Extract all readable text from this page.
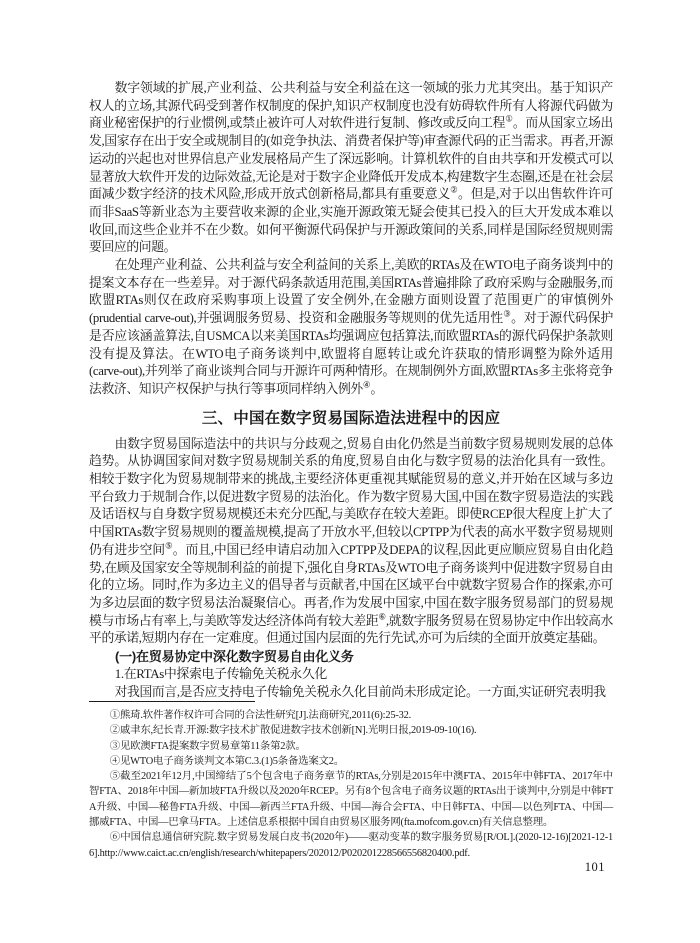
数字领域的扩展,产业利益、公共利益与安全利益在这一领域的张力尤其突出。基于知识产权人的立场,其源代码受到著作权制度的保护,知识产权制度也没有妨碍软件所有人将源代码做为商业秘密保护的行业惯例,或禁止被许可人对软件进行复制、修改或反向工程①。而从国家立场出发,国家存在出于安全或规制目的(如竞争执法、消费者保护等)审查源代码的正当需求。再者,开源运动的兴起也对世界信息产业发展格局产生了深远影响。计算机软件的自由共享和开发模式可以显著放大软件开发的边际效益,无论是对于数字企业降低开发成本,构建数字生态圈,还是在社会层面减少数字经济的技术风险,形成开放式创新格局,都具有重要意义②。但是,对于以出售软件许可而非SaaS等新业态为主要营收来源的企业,实施开源政策无疑会使其已投入的巨大开发成本难以收回,而这些企业并不在少数。如何平衡源代码保护与开源政策间的关系,同样是国际经贸规则需要回应的问题。

在处理产业利益、公共利益与安全利益间的关系上,美欧的RTAs及在WTO电子商务谈判中的提案文本存在一些差异。对于源代码条款适用范围,美国RTAs普遍排除了政府采购与金融服务,而欧盟RTAs则仅在政府采购事项上设置了安全例外,在金融方面则设置了范围更广的审慎例外(prudential carve-out),并强调服务贸易、投资和金融服务等规则的优先适用性③。对于源代码保护是否应该涵盖算法,自USMCA以来美国RTAs均强调应包括算法,而欧盟RTAs的源代码保护条款则没有提及算法。在WTO电子商务谈判中,欧盟将自愿转让或允许获取的情形调整为除外适用(carve-out),并列举了商业谈判合同与开源许可两种情形。在规制例外方面,欧盟RTAs多主张将竞争法救济、知识产权保护与执行等事项同样纳入例外④。

三、中国在数字贸易国际造法进程中的因应

由数字贸易国际造法中的共识与分歧观之,贸易自由化仍然是当前数字贸易规则发展的总体趋势。从协调国家间对数字贸易规制关系的角度,贸易自由化与数字贸易的法治化具有一致性。相较于数字化为贸易规制带来的挑战,主要经济体更重视其赋能贸易的意义,并开始在区域与多边平台致力于规制合作,以促进数字贸易的法治化。作为数字贸易大国,中国在数字贸易造法的实践及话语权与自身数字贸易规模还未充分匹配,与美欧存在较大差距。即使RCEP很大程度上扩大了中国RTAs数字贸易规则的覆盖规模,提高了开放水平,但较以CPTPP为代表的高水平数字贸易规则仍有进步空间⑤。而且,中国已经申请启动加入CPTPP及DEPA的议程,因此更应顺应贸易自由化趋势,在顾及国家安全等规制利益的前提下,强化自身RTAs及WTO电子商务谈判中促进数字贸易自由化的立场。同时,作为多边主义的倡导者与贡献者,中国在区域平台中就数字贸易合作的探索,亦可为多边层面的数字贸易法治凝聚信心。再者,作为发展中国家,中国在数字服务贸易部门的贸易规模与市场占有率上,与美欧等发达经济体尚有较大差距⑥,就数字服务贸易在贸易协定中作出较高水平的承诺,短期内存在一定难度。但通过国内层面的先行先试,亦可为后续的全面开放奠定基础。

(一)在贸易协定中深化数字贸易自由化义务

1.在RTAs中探索电子传输免关税永久化

对我国而言,是否应支持电子传输免关税永久化目前尚未形成定论。一方面,实证研究表明我

①熊琦.软件著作权许可合同的合法性研究[J].法商研究,2011(6):25-32.

②戚聿东,纪长青.开源:数字技术扩散促进数字技术创新[N].光明日报,2019-09-10(16).

③见欧澳FTA提案数字贸易章第11条第2款。

④见WTO电子商务谈判文本第C.3.(1)5条备选案文2。

⑤截至2021年12月,中国缔结了5个包含电子商务章节的RTAs,分别是2015年中澳FTA、2015年中韩FTA、2017年中智FTA、2018年中国—新加坡FTA升级以及2020年RCEP。另有8个包含电子商务议题的RTAs出于谈判中,分别是中韩FTA升级、中国—秘鲁FTA升级、中国—新西兰FTA升级、中国—海合会FTA、中日韩FTA、中国—以色列FTA、中国—挪威FTA、中国—巴拿马FTA。上述信息系根据中国自由贸易区服务网(fta.mofcom.gov.cn)有关信息整理。

⑥中国信息通信研究院.数字贸易发展白皮书(2020年)——驱动变革的数字服务贸易[R/OL].(2020-12-16)[2021-12-16].http://www.caict.ac.cn/english/research/whitepapers/202012/P020201228566556820400.pdf.

101
